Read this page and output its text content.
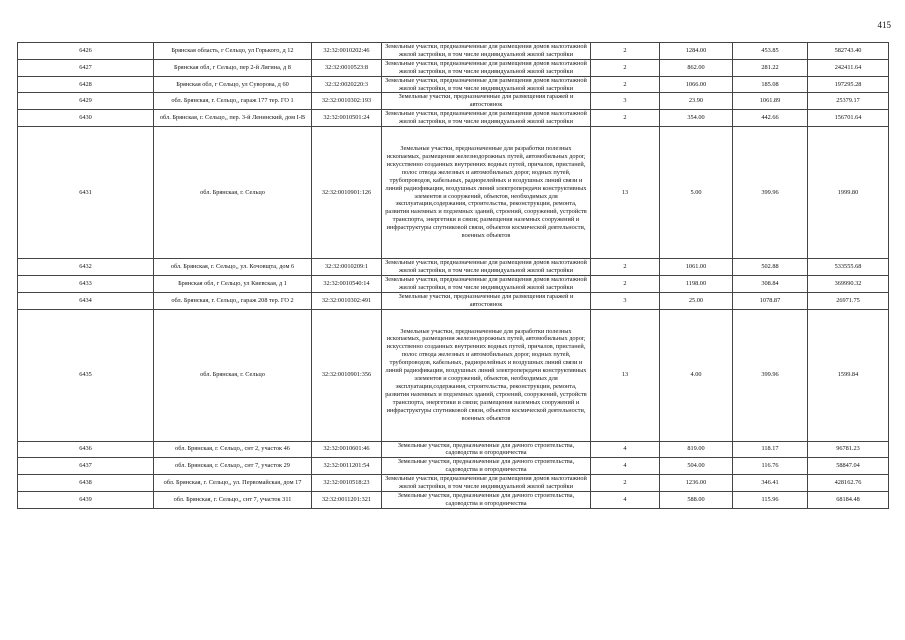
415
6426	Брянская область, г Сельцо, ул Горького, д 12	32:32:0010202:46	Земельные участки, предназначенные для размещения домов малоэтажной жилой застройки, в том числе индивидуальной жилой застройки	2	1284.00	453.85	582743.40
6427	Брянская обл, г Сельцо, пер 2-й Лягина, д 8	32:32:0010523:8	Земельные участки, предназначенные для размещения домов малоэтажной жилой застройки, в том числе индивидуальной жилой застройки	2	862.00	281.22	242411.64
6428	Брянская обл, г Сельцо, ул Суворова, д 60	32:32:0020220:3	Земельные участки, предназначенные для размещения домов малоэтажной жилой застройки, в том числе индивидуальной жилой застройки	2	1066.00	185.08	197295.28
6429	обл. Брянская, г. Сельцо,, гараж 177 тер. ГО 1	32:32:0010302:193	Земельные участки, предназначенные для размещения гаражей и автостоянок	3	23.90	1061.89	25379.17
6430	обл. Брянская, г. Сельцо,, пер. 3-й Ленинский, дом I-В	32:32:0010501:24	Земельные участки, предназначенные для размещения домов малоэтажной жилой застройки, в том числе индивидуальной жилой застройки	2	354.00	442.66	156701.64
6431	обл. Брянская, г. Сельцо	32:32:0010901:126	Земельные участки, предназначенные для разработки полезных ископаемых, размещения железнодорожных путей, автомобильных дорог, искусственно созданных внутренних водных путей, причалов, пристаней, полос отвода железных и автомобильных дорог, водных путей, трубопроводов, кабельных, радиорелейных и воздушных линий связи и линий радиофикации, воздушных линий электропередачи конструктивных элементов и сооружений, объектов, необходимых для эксплуатации,содержания, строительства, реконструкции, ремонта, развития наземных и подземных зданий, строений, сооружений, устройств транспорта, энергетики и связи; размещения наземных сооружений и инфраструктуры спутниковой связи, объектов космической деятельности, военных объектов	13	5.00	399.96	1999.80
6432	обл. Брянская, г. Сельцо,, ул. Кочовщта, дом 6	32:32:0010209:1	Земельные участки, предназначенные для размещения домов малоэтажной жилой застройки, в том числе индивидуальной жилой застройки	2	1061.00	502.88	533555.68
6433	Брянская обл, г Сельцо, ул Киевская, д 1	32:32:0010540:14	Земельные участки, предназначенные для размещения домов малоэтажной жилой застройки, в том числе индивидуальной жилой застройки	2	1198.00	308.84	369990.32
6434	обл. Брянская, г. Сельцо,, гараж 208 тер. ГО 2	32:32:0010302:491	Земельные участки, предназначенные для размещения гаражей и автостоянок	3	25.00	1078.87	26971.75
6435	обл. Брянская, г. Сельцо	32:32:0010901:356	Земельные участки, предназначенные для разработки полезных ископаемых, размещения железнодорожных путей, автомобильных дорог, искусственно созданных внутренних водных путей, причалов, пристаней, полос отвода железных и автомобильных дорог, водных путей, трубопроводов, кабельных, радиорелейных и воздушных линий связи и линий радиофикации, воздушных линий электропередачи конструктивных элементов и сооружений, объектов, необходимых для эксплуатации,содержания, строительства, реконструкции, ремонта, развития наземных и подземных зданий, строений, сооружений, устройств транспорта, энергетики и связи; размещения наземных сооружений и инфраструктуры спутниковой связи, объектов космической деятельности, военных объектов	13	4.00	399.96	1599.84
6436	обл. Брянская, г. Сельцо,, снт 2, участок 46	32:32:0010601:46	Земельные участки, предназначенные для дачного строительства, садоводства и огородничества	4	819.00	118.17	96781.23
6437	обл. Брянская, г. Сельцо,, снт 7, участок 29	32:32:0011201:54	Земельные участки, предназначенные для дачного строительства, садоводства и огородничества	4	504.00	116.76	58847.04
6438	обл. Брянская, г. Сельцо,, ул. Первомайская, дом 17	32:32:0010518:23	Земельные участки, предназначенные для размещения домов малоэтажной жилой застройки, в том числе индивидуальной жилой застройки	2	1236.00	346.41	428162.76
6439	обл. Брянская, г. Сельцо,, снт 7, участок 311	32:32:0011201:321	Земельные участки, предназначенные для дачного строительства, садоводства и огородничества	4	588.00	115.96	68184.48
